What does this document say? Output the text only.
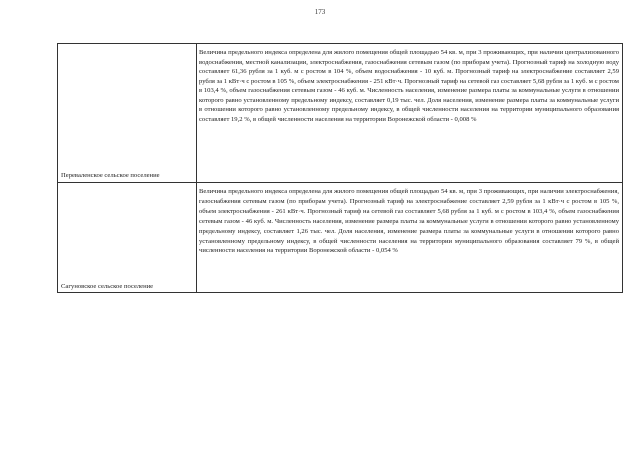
173
Переваленское сельское поселение
Величина предельного индекса определена для жилого помещения общей площадью 54 кв. м, при 3 проживающих, при наличии централизованного водоснабжения, местной канализации, электроснабжения, газоснабжения сетевым газом (по приборам учета). Прогнозный тариф на холодную воду составляет 61,36 рубля за 1 куб. м с ростом в 104 %, объем водоснабжения - 10 куб. м. Прогнозный тариф на электроснабжение составляет 2,59 рубля за 1 кВт·ч с ростом в 105 %, объем электроснабжения - 251 кВт·ч. Прогнозный тариф на сетевой газ составляет 5,68 рубля за 1 куб. м с ростом в 103,4 %, объем газоснабжения сетевым газом - 46 куб. м. Численность населения, изменение размера платы за коммунальные услуги в отношении которого равно установленному предельному индексу, составляет 0,19 тыс. чел. Доля населения, изменение размера платы за коммунальные услуги в отношении которого равно установленному предельному индексу, в общей численности населения на территории муниципального образования составляет 19,2 %, в общей численности населения на территории Воронежской области - 0,008 %
Сагуновское сельское поселение
Величина предельного индекса определена для жилого помещения общей площадью 54 кв. м, при 3 проживающих, при наличии электроснабжения, газоснабжения сетевым газом (по приборам учета). Прогнозный тариф на электроснабжение составляет 2,59 рубля за 1 кВт·ч с ростом в 105 %, объем электроснабжения - 261 кВт·ч. Прогнозный тариф на сетевой газ составляет 5,68 рубля за 1 куб. м с ростом в 103,4 %, объем газоснабжения сетевым газом - 46 куб. м. Численность населения, изменение размера платы за коммунальные услуги в отношении которого равно установленному предельному индексу, составляет 1,26 тыс. чел. Доля населения, изменение размера платы за коммунальные услуги в отношении которого равно установленному предельному индексу, в общей численности населения на территории муниципального образования составляет 79 %, в общей численности населения на территории Воронежской области - 0,054 %
